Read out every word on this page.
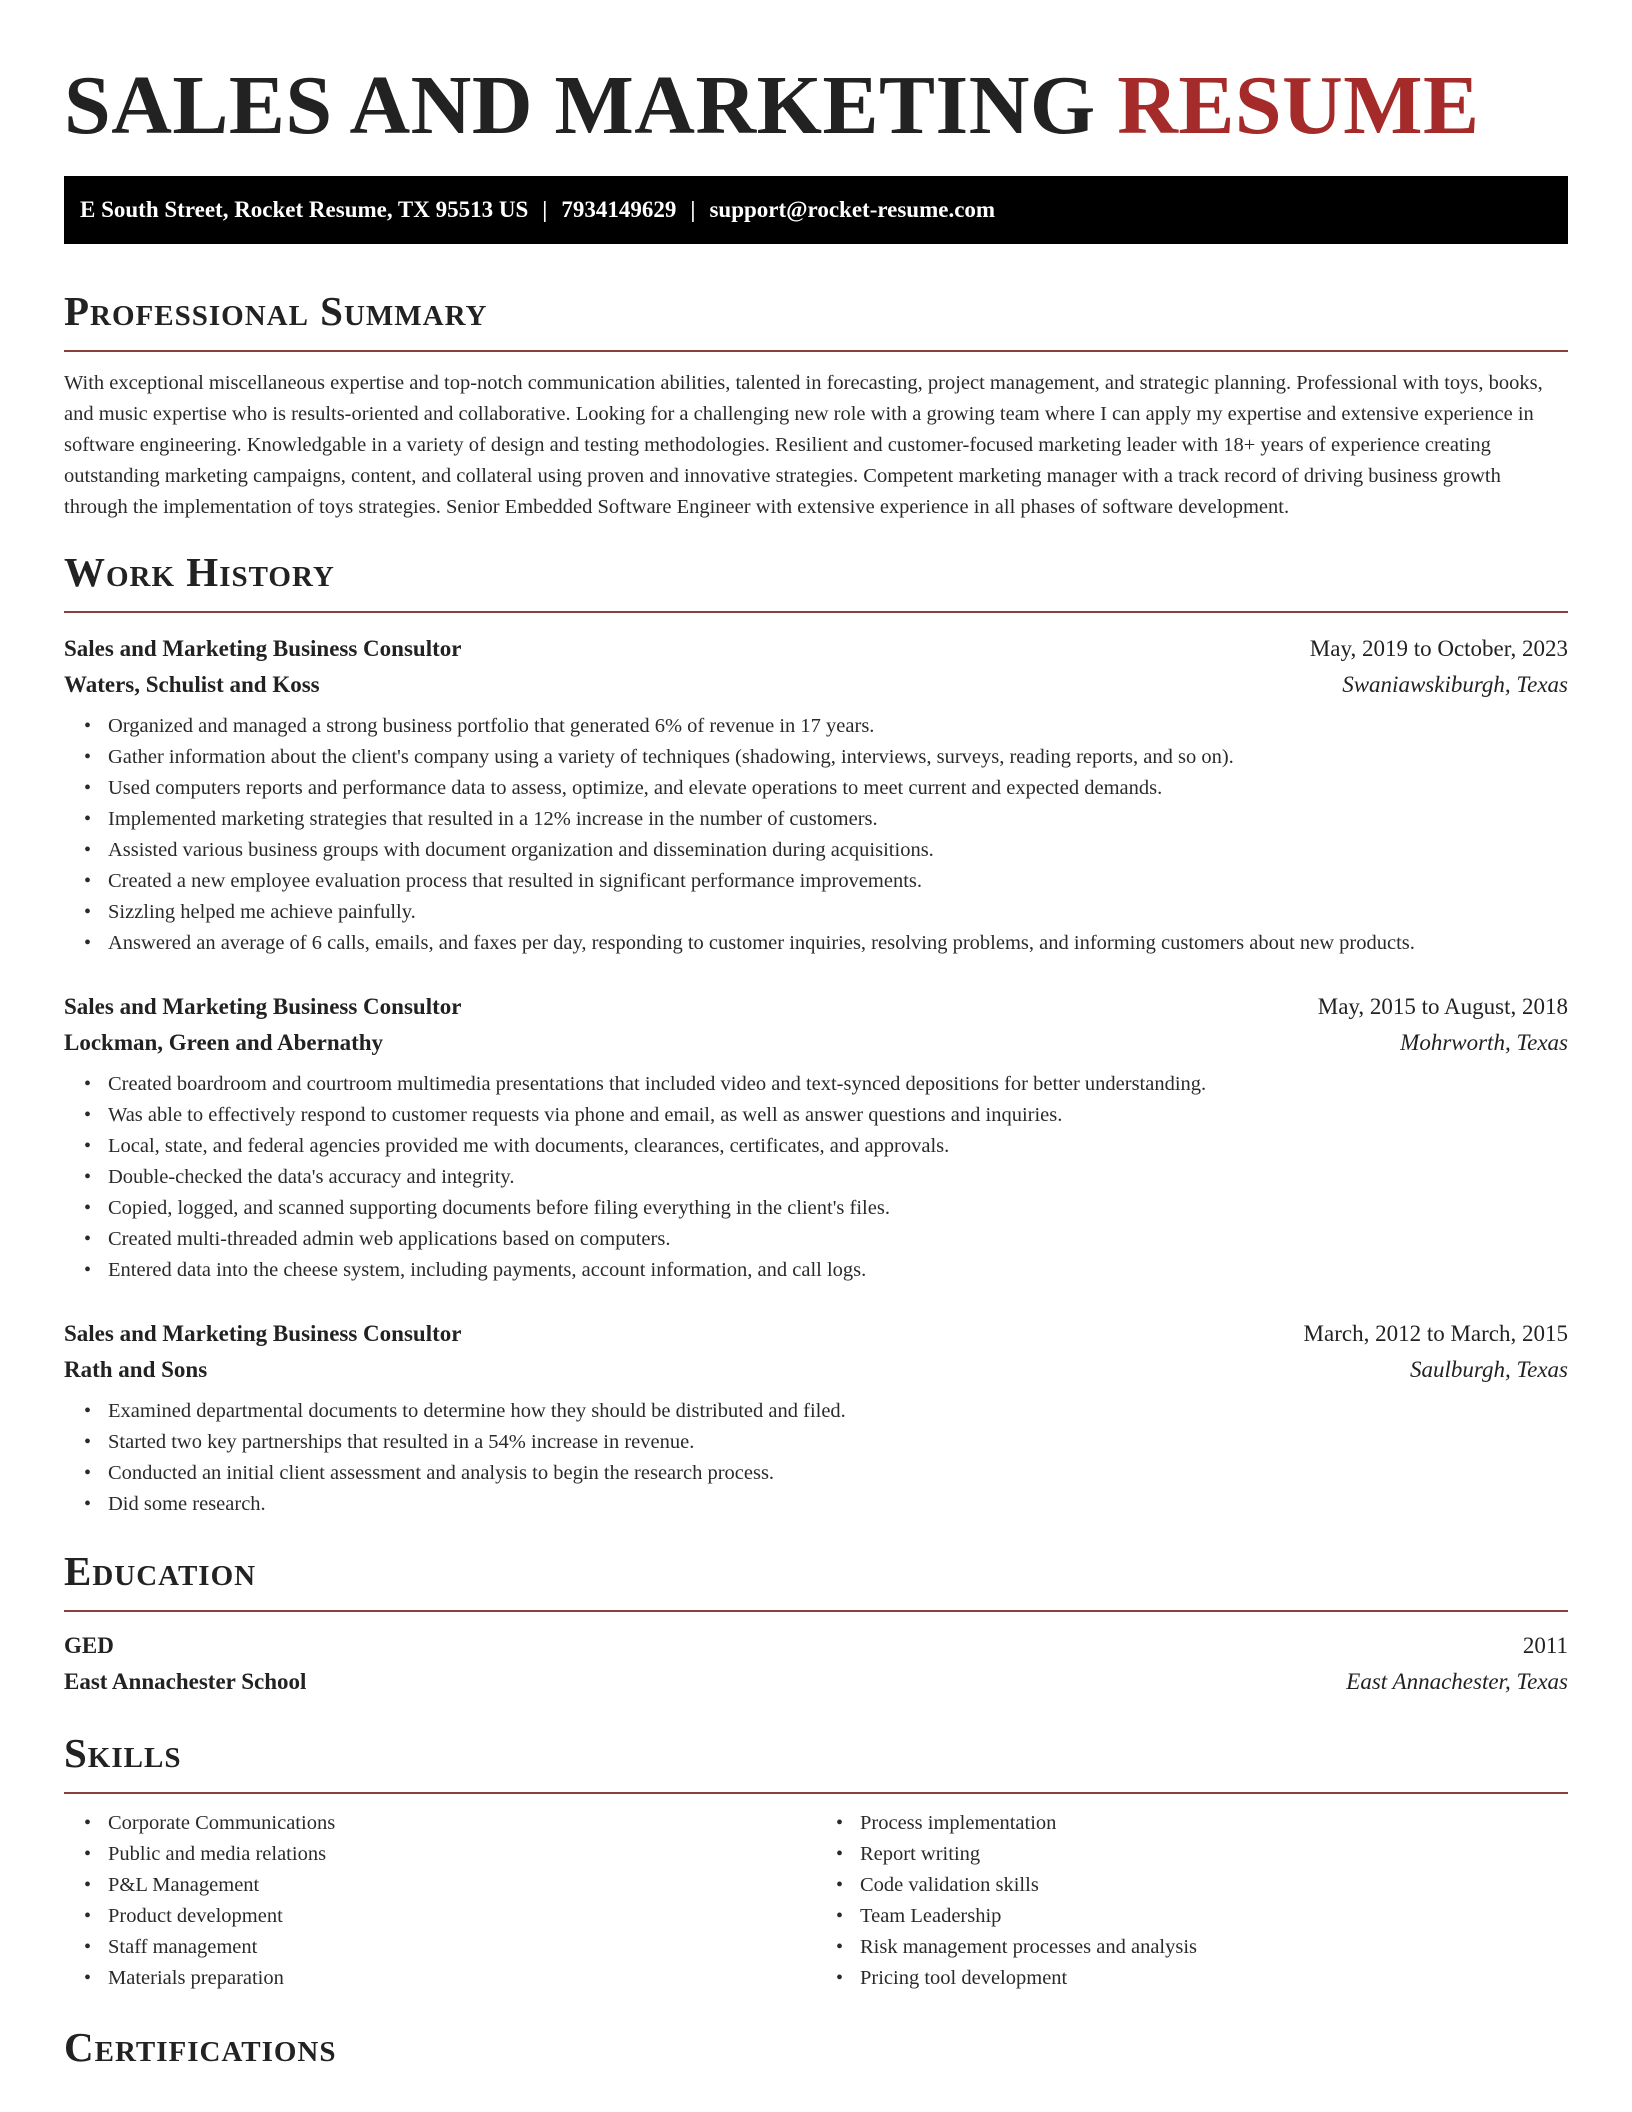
SALES AND MARKETING RESUME
E South Street, Rocket Resume, TX 95513 US | 7934149629 | support@rocket-resume.com
Professional Summary

With exceptional miscellaneous expertise and top-notch communication abilities, talented in forecasting, project management, and strategic planning. Professional with toys, books, and music expertise who is results-oriented and collaborative. Looking for a challenging new role with a growing team where I can apply my expertise and extensive experience in software engineering. Knowledgable in a variety of design and testing methodologies. Resilient and customer-focused marketing leader with 18+ years of experience creating outstanding marketing campaigns, content, and collateral using proven and innovative strategies. Competent marketing manager with a track record of driving business growth through the implementation of toys strategies. Senior Embedded Software Engineer with extensive experience in all phases of software development.

Work History
Sales and Marketing Business Consultor	May, 2019 to October, 2023
Waters, Schulist and Koss	Swaniawskiburgh, Texas
• Organized and managed a strong business portfolio that generated 6% of revenue in 17 years.
• Gather information about the client's company using a variety of techniques (shadowing, interviews, surveys, reading reports, and so on).
• Used computers reports and performance data to assess, optimize, and elevate operations to meet current and expected demands.
• Implemented marketing strategies that resulted in a 12% increase in the number of customers.
• Assisted various business groups with document organization and dissemination during acquisitions.
• Created a new employee evaluation process that resulted in significant performance improvements.
• Sizzling helped me achieve painfully.
• Answered an average of 6 calls, emails, and faxes per day, responding to customer inquiries, resolving problems, and informing customers about new products.
Sales and Marketing Business Consultor	May, 2015 to August, 2018
Lockman, Green and Abernathy	Mohrworth, Texas
• Created boardroom and courtroom multimedia presentations that included video and text-synced depositions for better understanding.
• Was able to effectively respond to customer requests via phone and email, as well as answer questions and inquiries.
• Local, state, and federal agencies provided me with documents, clearances, certificates, and approvals.
• Double-checked the data's accuracy and integrity.
• Copied, logged, and scanned supporting documents before filing everything in the client's files.
• Created multi-threaded admin web applications based on computers.
• Entered data into the cheese system, including payments, account information, and call logs.
Sales and Marketing Business Consultor	March, 2012 to March, 2015
Rath and Sons	Saulburgh, Texas
• Examined departmental documents to determine how they should be distributed and filed.
• Started two key partnerships that resulted in a 54% increase in revenue.
• Conducted an initial client assessment and analysis to begin the research process.
• Did some research.
Education
GED	2011
East Annachester School	East Annachester, Texas
Skills
• Corporate Communications
• Public and media relations
• P&L Management
• Product development
• Staff management
• Materials preparation
• Process implementation
• Report writing
• Code validation skills
• Team Leadership
• Risk management processes and analysis
• Pricing tool development
Certifications
